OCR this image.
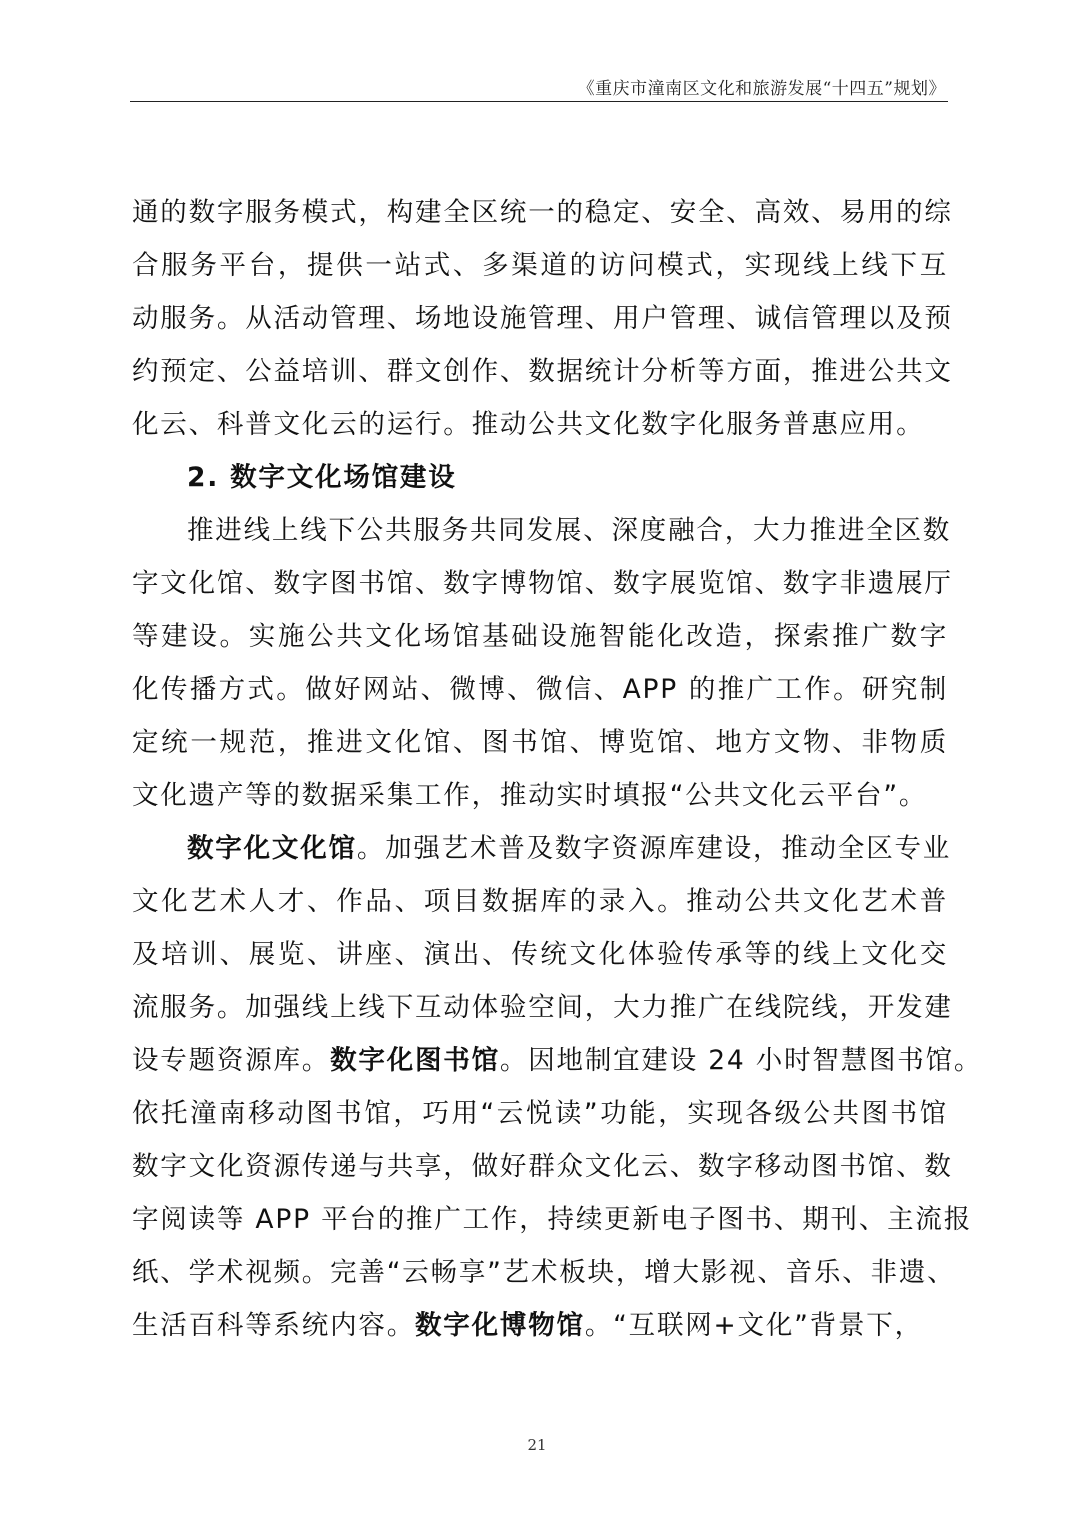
《重庆市潼南区文化和旅游发展“十四五”规划》
通的数字服务模式，构建全区统一的稳定、安全、高效、易用的综
合服务平台，提供一站式、多渠道的访问模式，实现线上线下互
动服务。从活动管理、场地设施管理、用户管理、诚信管理以及预
约预定、公益培训、群文创作、数据统计分析等方面，推进公共文
化云、科普文化云的运行。推动公共文化数字化服务普惠应用。
2. 数字文化场馆建设
推进线上线下公共服务共同发展、深度融合，大力推进全区数
字文化馆、数字图书馆、数字博物馆、数字展览馆、数字非遗展厅
等建设。实施公共文化场馆基础设施智能化改造，探索推广数字
化传播方式。做好网站、微博、微信、APP 的推广工作。研究制
定统一规范，推进文化馆、图书馆、博览馆、地方文物、非物质
文化遗产等的数据采集工作，推动实时填报“公共文化云平台”。
数字化文化馆。加强艺术普及数字资源库建设，推动全区专业
文化艺术人才、作品、项目数据库的录入。推动公共文化艺术普
及培训、展览、讲座、演出、传统文化体验传承等的线上文化交
流服务。加强线上线下互动体验空间，大力推广在线院线，开发建
设专题资源库。数字化图书馆。因地制宜建设 24 小时智慧图书馆。
依托潼南移动图书馆，巧用“云悦读”功能，实现各级公共图书馆
数字文化资源传递与共享，做好群众文化云、数字移动图书馆、数
字阅读等 APP 平台的推广工作，持续更新电子图书、期刊、主流报
纸、学术视频。完善“云畅享”艺术板块，增大影视、音乐、非遗、
生活百科等系统内容。数字化博物馆。“互联网+文化”背景下，
21
